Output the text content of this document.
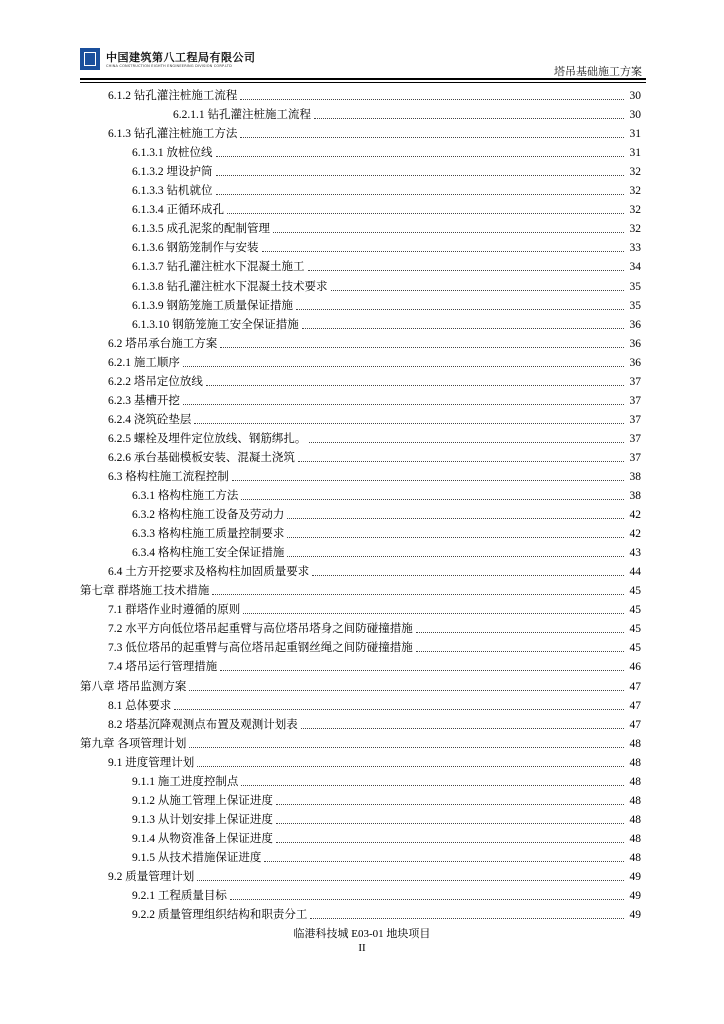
中国建筑第八工程局有限公司
CHINA CONSTRUCTION EIGHTH ENGINEERING DIVISION CORP.LTD	塔吊基础施工方案
6.1.2 钻孔灌注桩施工流程	30
6.2.1.1 钻孔灌注桩施工流程	30
6.1.3 钻孔灌注桩施工方法	31
6.1.3.1 放桩位线	31
6.1.3.2 埋设护筒	32
6.1.3.3 钻机就位	32
6.1.3.4 正循环成孔	32
6.1.3.5 成孔泥浆的配制管理	32
6.1.3.6 钢筋笼制作与安装	33
6.1.3.7 钻孔灌注桩水下混凝土施工	34
6.1.3.8 钻孔灌注桩水下混凝土技术要求	35
6.1.3.9 钢筋笼施工质量保证措施	35
6.1.3.10 钢筋笼施工安全保证措施	36
6.2 塔吊承台施工方案	36
6.2.1 施工顺序	36
6.2.2 塔吊定位放线	37
6.2.3 基槽开挖	37
6.2.4 浇筑砼垫层	37
6.2.5 螺栓及埋件定位放线、钢筋绑扎。	37
6.2.6 承台基础模板安装、混凝土浇筑	37
6.3 格构柱施工流程控制	38
6.3.1 格构柱施工方法	38
6.3.2 格构柱施工设备及劳动力	42
6.3.3 格构柱施工质量控制要求	42
6.3.4 格构柱施工安全保证措施	43
6.4 土方开挖要求及格构柱加固质量要求	44
第七章 群塔施工技术措施	45
7.1 群塔作业时遵循的原则	45
7.2 水平方向低位塔吊起重臂与高位塔吊塔身之间防碰撞措施	45
7.3 低位塔吊的起重臂与高位塔吊起重钢丝绳之间防碰撞措施	45
7.4 塔吊运行管理措施	46
第八章 塔吊监测方案	47
8.1 总体要求	47
8.2 塔基沉降观测点布置及观测计划表	47
第九章 各项管理计划	48
9.1 进度管理计划	48
9.1.1 施工进度控制点	48
9.1.2 从施工管理上保证进度	48
9.1.3 从计划安排上保证进度	48
9.1.4 从物资准备上保证进度	48
9.1.5 从技术措施保证进度	48
9.2 质量管理计划	49
9.2.1 工程质量目标	49
9.2.2 质量管理组织结构和职责分工	49
临港科技城 E03-01 地块项目
II
